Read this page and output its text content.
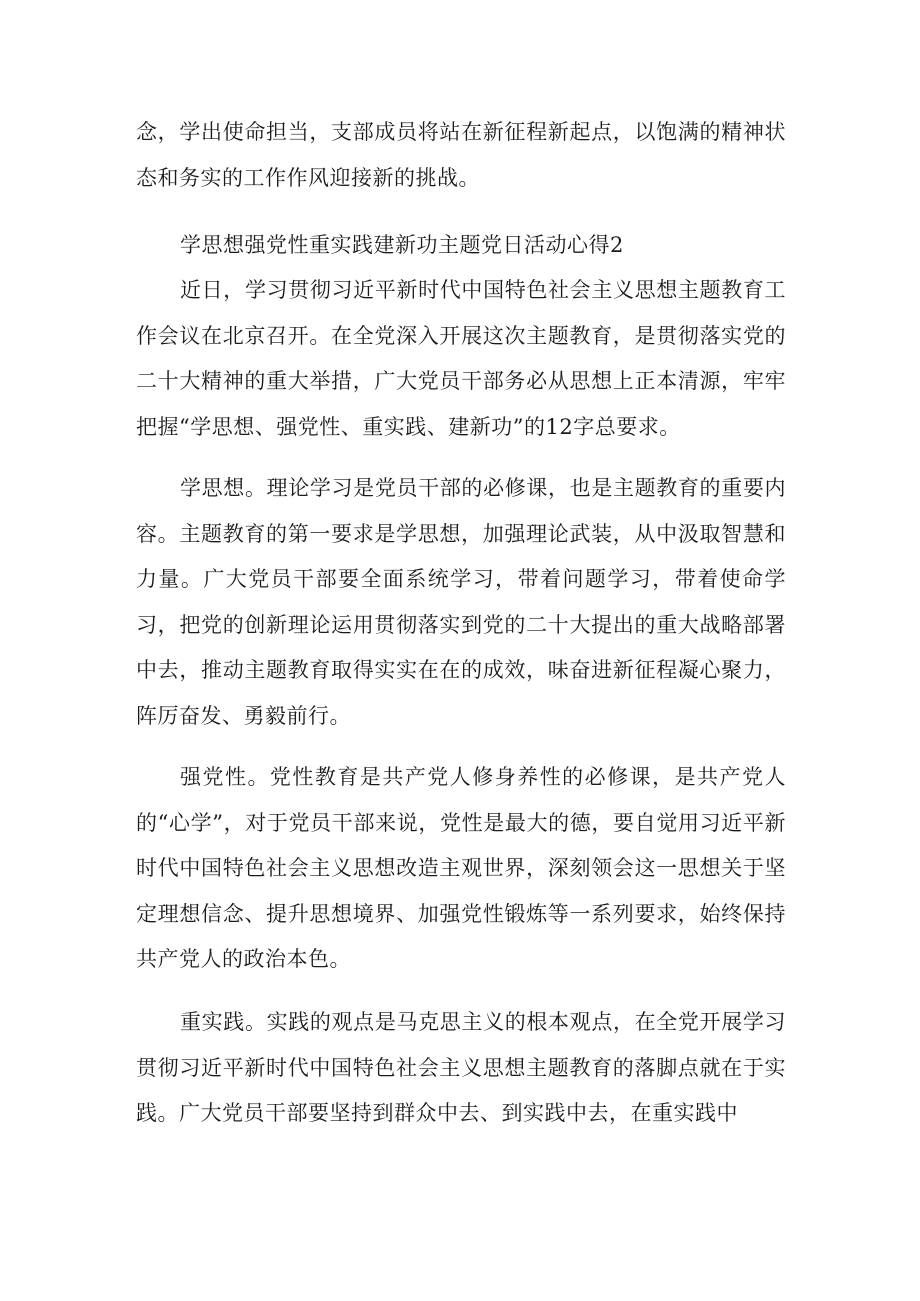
念，学出使命担当，支部成员将站在新征程新起点，以饱满的精神状态和务实的工作作风迎接新的挑战。

学思想强党性重实践建新功主题党日活动心得2

近日，学习贯彻习近平新时代中国特色社会主义思想主题教育工作会议在北京召开。在全党深入开展这次主题教育，是贯彻落实党的二十大精神的重大举措，广大党员干部务必从思想上正本清源，牢牢把握“学思想、强党性、重实践、建新功”的12字总要求。

学思想。理论学习是党员干部的必修课，也是主题教育的重要内容。主题教育的第一要求是学思想，加强理论武装，从中汲取智慧和力量。广大党员干部要全面系统学习，带着问题学习，带着使命学习，把党的创新理论运用贯彻落实到党的二十大提出的重大战略部署中去，推动主题教育取得实实在在的成效，味奋进新征程凝心聚力，阵厉奋发、勇毅前行。

强党性。党性教育是共产党人修身养性的必修课，是共产党人的“心学”，对于党员干部来说，党性是最大的德，要自觉用习近平新时代中国特色社会主义思想改造主观世界，深刻领会这一思想关于坚定理想信念、提升思想境界、加强党性锻炼等一系列要求，始终保持共产党人的政治本色。

重实践。实践的观点是马克思主义的根本观点，在全党开展学习贯彻习近平新时代中国特色社会主义思想主题教育的落脚点就在于实践。广大党员干部要坚持到群众中去、到实践中去，在重实践中
